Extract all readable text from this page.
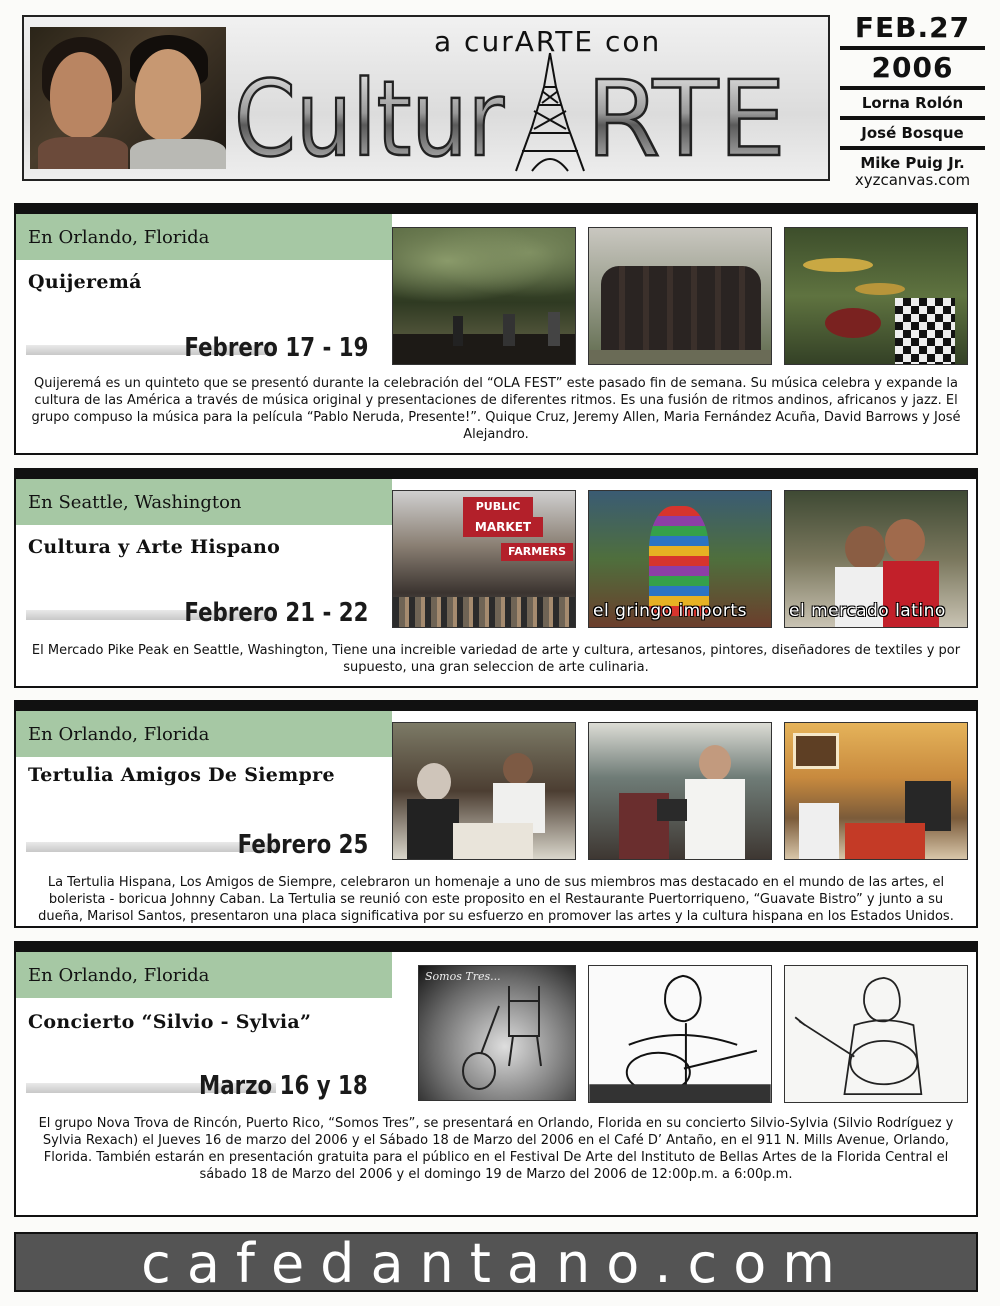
a curARTE con
Cultur RTE
FEB.27
2006
Lorna Rolón
José Bosque
Mike Puig Jr.
xyzcanvas.com
En Orlando, Florida
Quijeremá
Febrero 17 - 19
Quijeremá es un quinteto que se presentó durante la celebración del “OLA FEST” este pasado fin de semana. Su música celebra y expande la cultura de las América a través de música original y presentaciones de diferentes ritmos. Es una fusión de ritmos andinos, africanos y jazz. El grupo compuso la música para la película “Pablo Neruda, Presente!”. Quique Cruz, Jeremy Allen, Maria Fernández Acuña, David Barrows y José Alejandro.
En Seattle, Washington
Cultura y Arte Hispano
Febrero 21 - 22
PUBLIC
MARKET
FARMERS
el gringo imports	el mercado latino
El Mercado Pike Peak en Seattle, Washington, Tiene una increible variedad de arte y cultura, artesanos, pintores, diseñadores de textiles y por supuesto, una gran seleccion de arte culinaria.
En Orlando, Florida
Tertulia Amigos De Siempre
Febrero 25
La Tertulia Hispana, Los Amigos de Siempre, celebraron un homenaje a uno de sus miembros mas destacado en el mundo de las artes, el bolerista - boricua Johnny Caban. La Tertulia se reunió con este proposito en el Restaurante Puertorriqueno, “Guavate Bistro” y junto a su dueña, Marisol Santos, presentaron una placa significativa por su esfuerzo en promover las artes y la cultura hispana en los Estados Unidos.
En Orlando, Florida
Concierto “Silvio - Sylvia”
Marzo 16 y 18
Somos Tres...
El grupo Nova Trova de Rincón, Puerto Rico, “Somos Tres”, se presentará en Orlando, Florida en su concierto Silvio-Sylvia (Silvio Rodríguez y Sylvia Rexach) el Jueves 16 de marzo del 2006 y el Sábado 18 de Marzo del 2006 en el Café D’ Antaño, en el 911 N. Mills Avenue, Orlando, Florida. También estarán en presentación gratuita para el público en el Festival De Arte del Instituto de Bellas Artes de la Florida Central el sábado 18 de Marzo del 2006 y el domingo 19 de Marzo del 2006 de 12:00p.m. a 6:00p.m.
cafedantano.com
